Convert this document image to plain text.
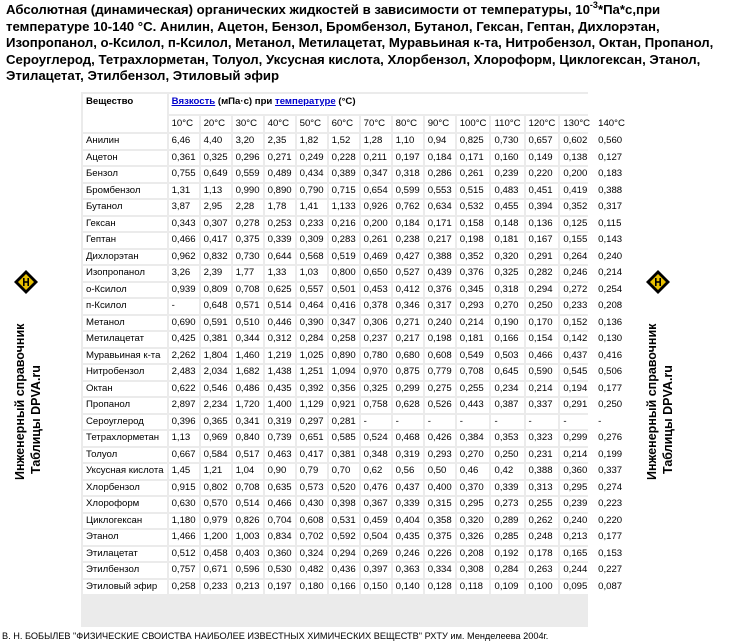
Абсолютная (динамическая) органических жидкостей в зависимости от температуры, $10^{-3}*Па*с,при$ температуре 10-140 °С. Анилин, Ацетон, Бензол, Бромбензол, Бутанол, Гексан, Гептан, Дихлорэтан, Изопропанол, о-Ксилол, п-Ксилол, Метанол, Метилацетат, Муравьиная к-та, Нитробензол, Октан, Пропанол, Сероуглерод, Тетрахлорметан, Толуол, Уксусная кислота, Хлорбензол, Хлороформ, Циклогексан, Этанол, Этилацетат, Этилбензол, Этиловый эфир
Инженерный справочник Таблицы DPVA.ru	Инженерный справочник Таблицы DPVA.ru
Вещество	Вязкость (мПа·с) при температуре (°C)													
	10°C	20°C	30°C	40°C	50°C	60°C	70°C	80°C	90°C	100°C	110°C	120°C	130°C	140°C
Анилин	6,46	4,40	3,20	2,35	1,82	1,52	1,28	1,10	0,94	0,825	0,730	0,657	0,602	0,560
Ацетон	0,361	0,325	0,296	0,271	0,249	0,228	0,211	0,197	0,184	0,171	0,160	0,149	0,138	0,127
Бензол	0,755	0,649	0,559	0,489	0,434	0,389	0,347	0,318	0,286	0,261	0,239	0,220	0,200	0,183
Бромбензол	1,31	1,13	0,990	0,890	0,790	0,715	0,654	0,599	0,553	0,515	0,483	0,451	0,419	0,388
Бутанол	3,87	2,95	2,28	1,78	1,41	1,133	0,926	0,762	0,634	0,532	0,455	0,394	0,352	0,317
Гексан	0,343	0,307	0,278	0,253	0,233	0,216	0,200	0,184	0,171	0,158	0,148	0,136	0,125	0,115
Гептан	0,466	0,417	0,375	0,339	0,309	0,283	0,261	0,238	0,217	0,198	0,181	0,167	0,155	0,143
Дихлорэтан	0,962	0,832	0,730	0,644	0,568	0,519	0,469	0,427	0,388	0,352	0,320	0,291	0,264	0,240
Изопропанол	3,26	2,39	1,77	1,33	1,03	0,800	0,650	0,527	0,439	0,376	0,325	0,282	0,246	0,214
о-Ксилол	0,939	0,809	0,708	0,625	0,557	0,501	0,453	0,412	0,376	0,345	0,318	0,294	0,272	0,254
п-Ксилол	-	0,648	0,571	0,514	0,464	0,416	0,378	0,346	0,317	0,293	0,270	0,250	0,233	0,208
Метанол	0,690	0,591	0,510	0,446	0,390	0,347	0,306	0,271	0,240	0,214	0,190	0,170	0,152	0,136
Метилацетат	0,425	0,381	0,344	0,312	0,284	0,258	0,237	0,217	0,198	0,181	0,166	0,154	0,142	0,130
Муравьиная к-та	2,262	1,804	1,460	1,219	1,025	0,890	0,780	0,680	0,608	0,549	0,503	0,466	0,437	0,416
Нитробензол	2,483	2,034	1,682	1,438	1,251	1,094	0,970	0,875	0,779	0,708	0,645	0,590	0,545	0,506
Октан	0,622	0,546	0,486	0,435	0,392	0,356	0,325	0,299	0,275	0,255	0,234	0,214	0,194	0,177
Пропанол	2,897	2,234	1,720	1,400	1,129	0,921	0,758	0,628	0,526	0,443	0,387	0,337	0,291	0,250
Сероуглерод	0,396	0,365	0,341	0,319	0,297	0,281	-	-	-	-	-	-	-	-
Тетрахлорметан	1,13	0,969	0,840	0,739	0,651	0,585	0,524	0,468	0,426	0,384	0,353	0,323	0,299	0,276
Толуол	0,667	0,584	0,517	0,463	0,417	0,381	0,348	0,319	0,293	0,270	0,250	0,231	0,214	0,199
Уксусная кислота	1,45	1,21	1,04	0,90	0,79	0,70	0,62	0,56	0,50	0,46	0,42	0,388	0,360	0,337
Хлорбензол	0,915	0,802	0,708	0,635	0,573	0,520	0,476	0,437	0,400	0,370	0,339	0,313	0,295	0,274
Хлороформ	0,630	0,570	0,514	0,466	0,430	0,398	0,367	0,339	0,315	0,295	0,273	0,255	0,239	0,223
Циклогексан	1,180	0,979	0,826	0,704	0,608	0,531	0,459	0,404	0,358	0,320	0,289	0,262	0,240	0,220
Этанол	1,466	1,200	1,003	0,834	0,702	0,592	0,504	0,435	0,375	0,326	0,285	0,248	0,213	0,177
Этилацетат	0,512	0,458	0,403	0,360	0,324	0,294	0,269	0,246	0,226	0,208	0,192	0,178	0,165	0,153
Этилбензол	0,757	0,671	0,596	0,530	0,482	0,436	0,397	0,363	0,334	0,308	0,284	0,263	0,244	0,227
Этиловый эфир	0,258	0,233	0,213	0,197	0,180	0,166	0,150	0,140	0,128	0,118	0,109	0,100	0,095	0,087
В. Н. БОБЫЛЕВ "ФИЗИЧЕСКИЕ СВОИСТВА НАИБОЛЕЕ ИЗВЕСТНЫХ ХИМИЧЕСКИХ ВЕЩЕСТВ" РХТУ им. Менделеева 2004г.
